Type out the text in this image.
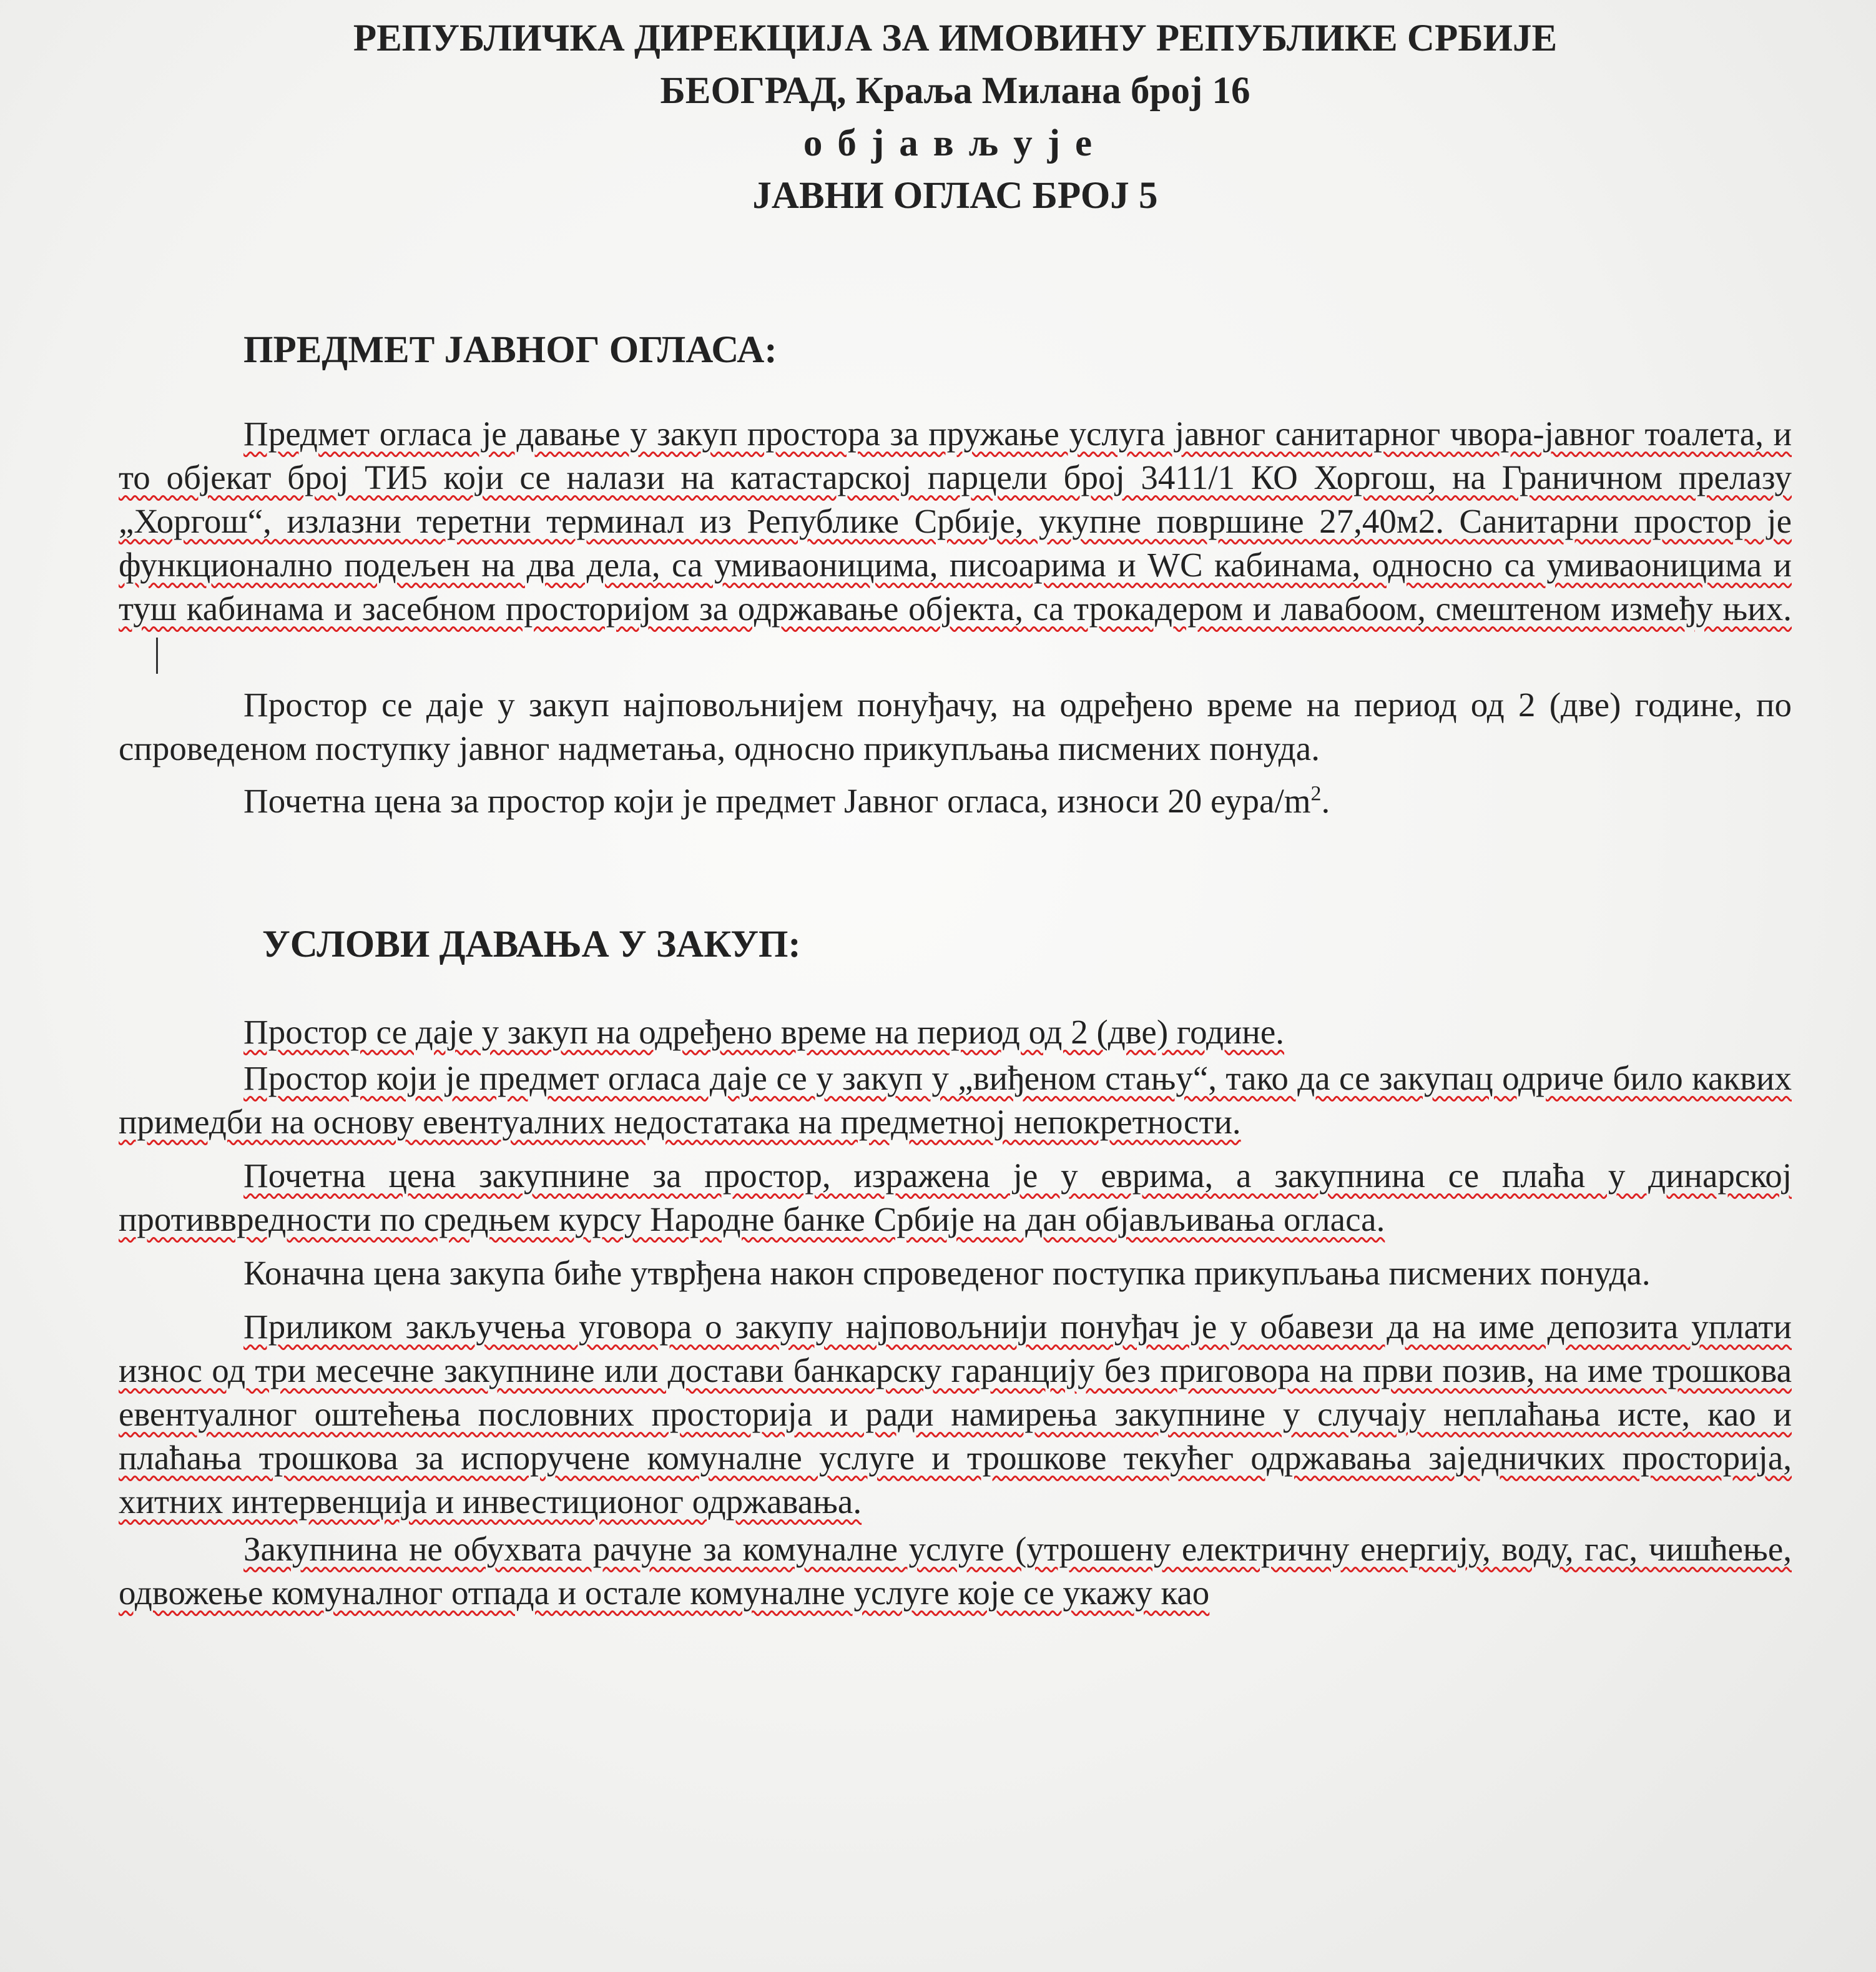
РЕПУБЛИЧКА ДИРЕКЦИЈА ЗА ИМОВИНУ РЕПУБЛИКЕ СРБИЈЕ
БЕОГРАД, Краља Милана број 16
објављује
ЈАВНИ ОГЛАС БРОЈ 5
ПРЕДМЕТ ЈАВНОГ ОГЛАСА:

Предмет огласа је давање у закуп простора за пружање услуга јавног санитарног чвора-јавног тоалета, и то објекат број ТИ5 који се налази на катастарској парцели број 3411/1 КО Хоргош, на Граничном прелазу „Хоргош“, излазни теретни терминал из Републике Србије, укупне површине 27,40м2. Санитарни простор је функционално подељен на два дела, са умиваоницима, писоарима и WC кабинама, односно са умиваоницима и туш кабинама и засебном просторијом за одржавање објекта, са трокадером и лавабоом, смештеном између њих.

Простор се даје у закуп најповољнијем понуђачу, на одређено време на период од 2 (две) године, по спроведеном поступку јавног надметања, односно прикупљања писмених понуда.

Почетна цена за простор који је предмет Јавног огласа, износи 20 еура/$m^2$.

УСЛОВИ ДАВАЊА У ЗАКУП:

Простор се даје у закуп на одређено време на период од 2 (две) године.

Простор који је предмет огласа даје се у закуп у „виђеном стању“, тако да се закупац одриче било каквих примедби на основу евентуалних недостатака на предметној непокретности.

Почетна цена закупнине за простор, изражена је у еврима, а закупнина се плаћа у динарској противвредности по средњем курсу Народне банке Србије на дан објављивања огласа.

Коначна цена закупа биће утврђена након спроведеног поступка прикупљања писмених понуда.

Приликом закључења уговора о закупу најповољнији понуђач је у обавези да на име депозита уплати износ од три месечне закупнине или достави банкарску гаранцију без приговора на први позив, на име трошкова евентуалног оштећења пословних просторија и ради намирења закупнине у случају неплаћања исте, као и плаћања трошкова за испоручене комуналне услуге и трошкове текућег одржавања заједничких просторија, хитних интервенција и инвестиционог одржавања.

Закупнина не обухвата рачуне за комуналне услуге (утрошену електричну енергију, воду, гас, чишћење, одвожење комуналног отпада и остале комуналне услуге које се укажу као
